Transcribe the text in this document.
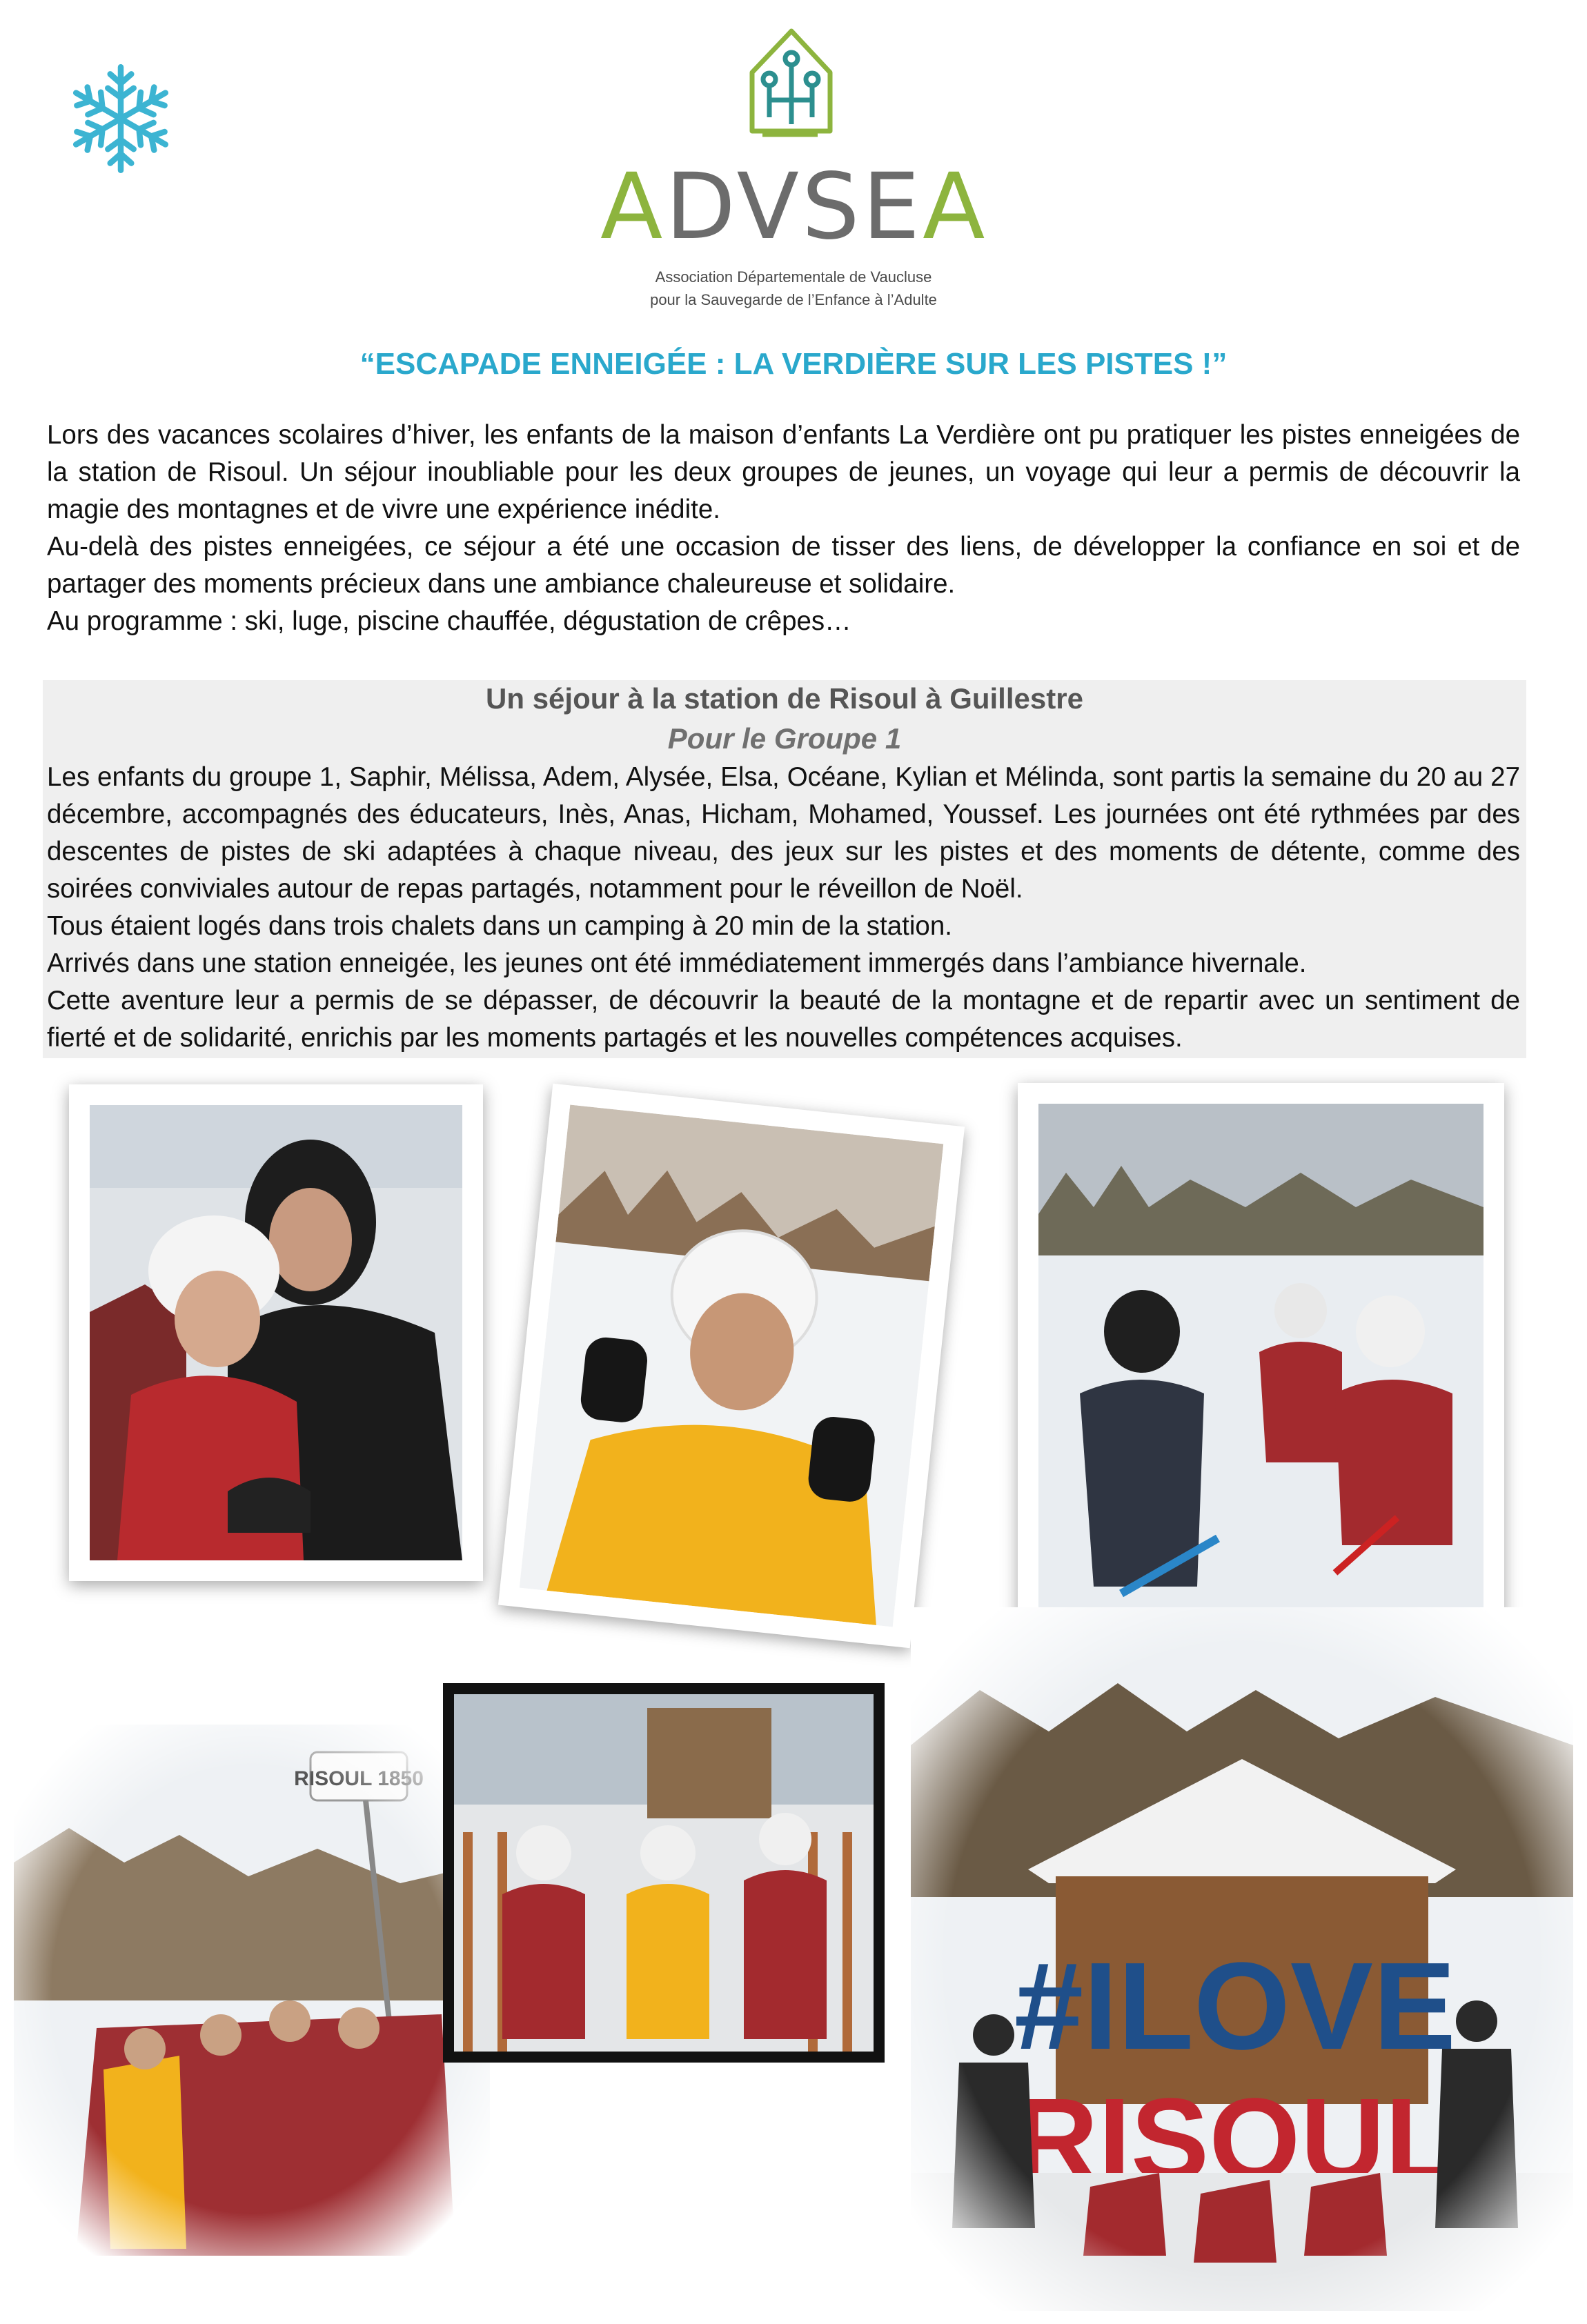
ADVSEA
Association Départementale de Vaucluse
pour la Sauvegarde de l’Enfance à l’Adulte
“ESCAPADE ENNEIGÉE : LA VERDIÈRE SUR LES PISTES !”

Lors des vacances scolaires d’hiver, les enfants de la maison d’enfants La Verdière ont pu pratiquer les pistes enneigées de la station de Risoul. Un séjour inoubliable pour les deux groupes de jeunes, un voyage qui leur a permis de découvrir la magie des montagnes et de vivre une expérience inédite.

Au-delà des pistes enneigées, ce séjour a été une occasion de tisser des liens, de développer la confiance en soi et de partager des moments précieux dans une ambiance chaleureuse et solidaire.

Au programme : ski, luge, piscine chauffée, dégustation de crêpes…

Un séjour à la station de Risoul à Guillestre
Pour le Groupe 1

Les enfants du groupe 1, Saphir, Mélissa, Adem, Alysée, Elsa, Océane, Kylian et Mélinda, sont partis la semaine du 20 au 27 décembre, accompagnés des éducateurs, Inès, Anas, Hicham, Mohamed, Youssef. Les journées ont été rythmées par des descentes de pistes de ski adaptées à chaque niveau, des jeux sur les pistes et des moments de détente, comme des soirées conviviales autour de repas partagés, notamment pour le réveillon de Noël.

Tous étaient logés dans trois chalets dans un camping à 20 min de la station.

Arrivés dans une station enneigée, les jeunes ont été immédiatement immergés dans l’ambiance hivernale.

Cette aventure leur a permis de se dépasser, de découvrir la beauté de la montagne et de repartir avec un sentiment de fierté et de solidarité, enrichis par les moments partagés et les nouvelles compétences acquises.
